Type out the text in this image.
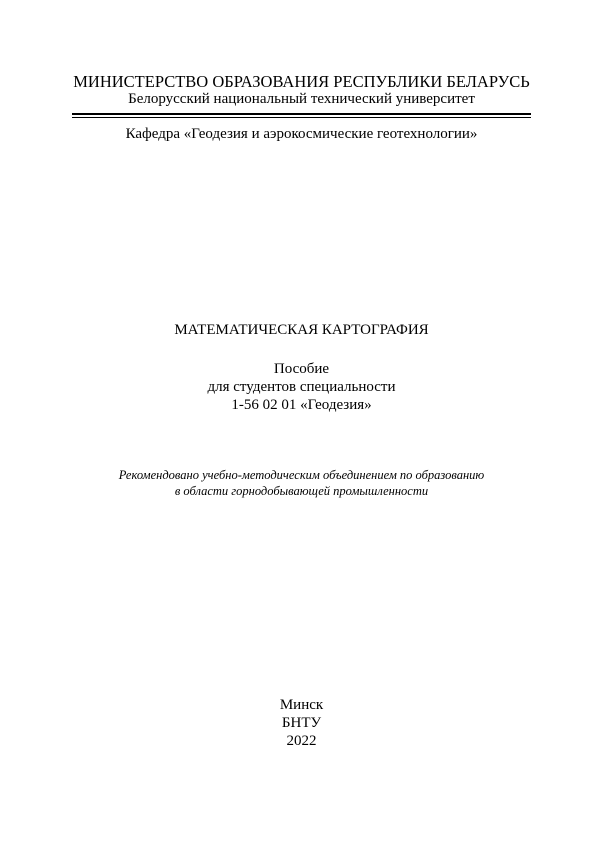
МИНИСТЕРСТВО ОБРАЗОВАНИЯ РЕСПУБЛИКИ БЕЛАРУСЬ
Белорусский национальный технический университет
Кафедра «Геодезия и аэрокосмические геотехнологии»
МАТЕМАТИЧЕСКАЯ КАРТОГРАФИЯ
Пособие
для студентов специальности
1-56 02 01 «Геодезия»
Рекомендовано учебно-методическим объединением по образованию
в области горнодобывающей промышленности
Минск
БНТУ
2022
